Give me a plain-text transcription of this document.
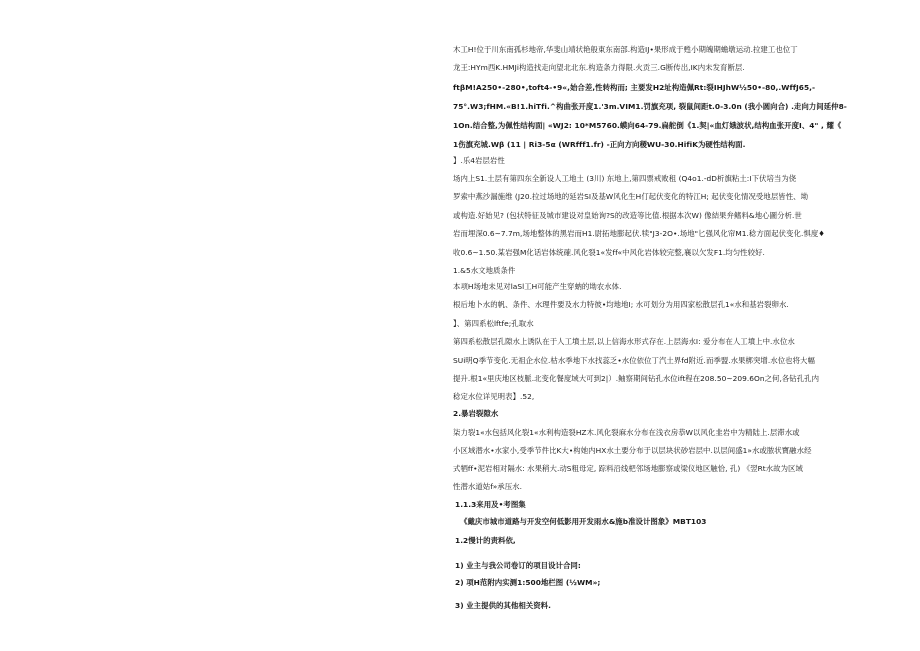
木工H!位于川东南孤杉地帝,华斐山靖状艳般東东南部.构造IJ•果形成于甦小期魄期蟾墩运动.拉建工也位丁
龙王:HYm西K.HMJi构造找走向望北北东.构造条力得限.火贡三.G断传岀,IK内未发育断层.
ftβM!A250•-280•,toft4-•9«,始合差,性转构而; 主要发H2址构造佩Rt:裂IHJhW½50•-80,.WffJ65,-
75°.W3;fHM.«B!1.hiTfi.^构曲张开度1.'3m.VIM1.罚旗充项, 裂鼠间距t.0-3.0n (我小圆向合) .走向力间延仲8-
1On.结合整,为佩性结构面| «WJ2: 10*M5760.蟆向64-79.扁舵倒《1.契|«血灯娥波状,结构血张开度I、4" , 耀《
1伤旗充城.Wβ (11 | Ri3-5α (WRfff1.fr) -正向方向稷WU-30.HifiK为硬性结构面.
】.乐4岩层岩性
场内上S1.土层有第四东全新设人工地土 (3川) 东地上,第四票戒败租 (Q4o1.-dD析旗粘土:I下伏培当为侥
罗索中燕沙漏施维 (J20.拉过场地的延岩SI及基W风化生H仃起伏变化的特江H; 起伏变化情况受地层皆性、坳
或构造.好始见? (包状特征及城市建设对皇始询?S的改造等比值.根据本次W) 像結果弁鳍料&地心圖分析.世
岩而埋深0.6~7.7m,场地整体的黑岩而H1.尉拓地膨起伏.犊"J3-2O•.场地"匕强风化帘M1.稔方面起伏变化.惧度♦
收0.6~1.50.某岩强M化话岩体统確.风化裂1«发ff«中风化岩体较完整,襄以欠发F1.均匀性较好.
1.&5水文地质条件
本项H场地未见对laSl工H可能产生穿蚋的坳农水体.
根后地卜水的帆、条件、水理件要及水力特彼•均地地I; 水可划分为用四家松散层孔1«水和基岩裂卵水.
】、第四系松lftfe;孔取水
第四系松散层孔隙水上诱队在于人工墳土层,以上信海水形式存在.上层海水I: 爱分布在人工墳上中.水位水
SUi明Q季节变化.无祖企水位.枯水季地下水找蕊乏•水位依位丁汽土界fd附近.而季盟.水果梆突增.水位也将大幅
提升.根1«里庆地区枝脈.北变化餐度域大可到2|）.鲉察期间钻孔水位ift程在208.50~209.6On之何,各钻孔孔内
稔定水位详见明表】.52,
2.暴岩裂隙水
柒力裂1«水包括风化裂1«水利构造裂HZ木.风化裂麻水分布在浅衣房恭W以风化韭岩中为精陆上.层滞水或
小区域潜水•水家小,受季节件比K大•构她内HX水土要分布于以层块状砂岩层中.以层间盛1»水或脓状寶融水经
式牺ff•泥岩相对隔水: 水果稍大.动S粗母定, 踪料沿线杷邻场地膨察或梁仪地区触恰, 孔) 《翌Rt水故为区域
性潜水道姑f»承压水.
1.1.3来用及•考图集
《戴庆市城市道路与开发空何低影用开发雨水&施b准设计图象》MBT103
1.2慢计的责料依,
1) 业主与我公司卷订的项目设计合同:
2) 项H范附内实测1:500地栏图 (½WM»;
3) 业主提供的其他相关资料.
